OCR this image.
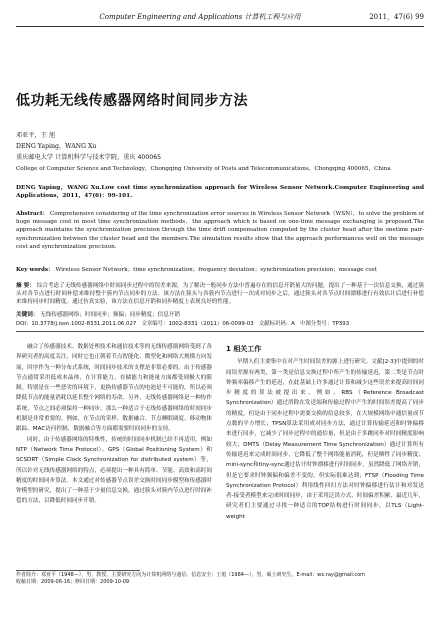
Computer Engineering and Applications 计算机工程与应用	2011，47(6) 99
低功耗无线传感器网络时间同步方法
邓亚平，王 旭
DENG Yaping，WANG Xu
重庆邮电大学 计算机科学与技术学院，重庆 400065
College of Computer Science and Technology，Chongqing University of Posts and Telecommunications，Chongqing 400065，China
DENG Yaping，WANG Xu.Low cost time synchronization approach for Wireless Sensor Network.Computer Engineering and Applications，2011，47(6)：99-101.
Abstract： Comprehensive considering of the time synchronization error sources in Wireless Sensor Network（WSN），to solve the problem of huge message cost in most time synchronization methods，the approach which is based on one-time message exchanging is proposed.The approach maintains the synchronization precision through the time drift compensation computed by the cluster head after the onetime pair-synchronization between the cluster head and the members.The simulation results show that the approach performances well on the message cost and synchronization precision.
Key words： Wireless Sensor Network；time synchronization；frequency deviation；synchronization precision；message cost
摘 要： 综合考虑了无线传感器网络中时间同步过程中的误差来源，为了解决一般同步方法中普遍存在的信息开销量大的问题，提出了一种基于一次信息交换，通过簇头对各节点进行时间补偿来维持整个簇内节点同步的方法。该方法在簇头与各簇内节点进行一次成对同步之后，通过簇头对各节点时间漂移进行有效估计后进行补偿来维持同步时间精度。通过仿真实验，该方法在信息开销和同步精度上表现良好的性能。
关键词： 无线传感器网络；时间同步；频偏；同步精度；信息开销
DOI：10.3778/j.issn.1002-8331.2011.06.027 文章编号：1002-8331（2011）06-0099-03 文献标识码：A 中图分类号：TP393

融合了传感器技术、数据处理技术和通信技术等的无线传感器网络受到了各界研究者的高度关注，同时它也正朝着节点智能化、微型化和网络大规模方向发展，时序作为一种分布式系统，时间同步技术的支撑是非常必要的。由于传感器节点通常采用低成本晶体，在计算能力、存储能力和能量方面都受到极大的限制。特别是在一些恶劣的环境下，更换传感器节点的电池是不可能的，所以必须降低节点的能量消耗以延长整个网络的寿命。另外，无线传感器网络是一种协作系统，节点之间必须保持一种同步，那么一种适合于无线传感器网络的时间同步机制是非常重要的。例如，在节点的采样、数据融合、节点睡眠调度、移动物体跟踪、MAC访问控制、数据融合等方面都需要时间同步的支持。

同时，由于传感器网络的特殊性，传统的时间同步机制已经不再适用，例如NTP（Network Time Protocol）、GPS（Global Positioning System）和SCSDRT（Simple Clock Synchronization for distributed system）等，所以针对无线传感器网络的特点，必须提出一种具有简单、节能、高效和高时间精度的时间同步算法。本文通过对传感器节点误差交换时间同步模型和传感器时钟模型的研究，提出了一种基于少量信息交换，通过簇头对簇内节点进行时间补偿的方法，以降低时间同步开销。

1 相关工作

早期人们主要集中在对产生时间误差的源上进行研究。文献[2-3]中提到的时间误差源有两类，第一类是信息交换过程中所产生的传输延迟，第二类是节点时钟频率偏移产生的延迟，在此基础上许多通过计算和减少这些误差来提高时间同步精度的算法被提出来。例如，RBS（Reference Broadcast Synchronization）通过消除在发送端和传输过程中产生的时间误差提高了同步的精度，但是由于同步过程中需要交换的信息较多，在大规模网络中通信量成节点数的平方增长；TPSN算法采用成对同步方法，通过计算传输延迟和时钟偏移来进行同步，它减少了同步过程中的通信量，但是由于多跳同步对时间精度影响较大；DMTS（Delay Measurement Time Synchronization）通过计算所有传输延迟来完成时间同步，它降低了整个网络能量消耗，但是牺牲了同步精度；mini-sync和tiny-sync通过估计时钟漂移进行时间同步，虽然降低了网络开销，但是它要求时钟频偏和偏差不变的，但实际很难达到；FTSP（Flooding Time Synchronization Protocol）利用线性回归方法对时钟偏移进行估计和对发送者-接受者模型来完成时间同步，由于采用泛洪方式，时间偏差积累，最近几年，研究者们主要通过寻找一种适合的TOP结构进行时间同步，以TLS（Light-weight

作者简介：邓亚平（1948—），男，教授，主要研究方向为计算机网络与通信、信息安全；王旭（1984—），男，硕士研究生。E-mail：wx.ray@gmail.com
收稿日期：2009-06-16；修回日期：2009-10-09
